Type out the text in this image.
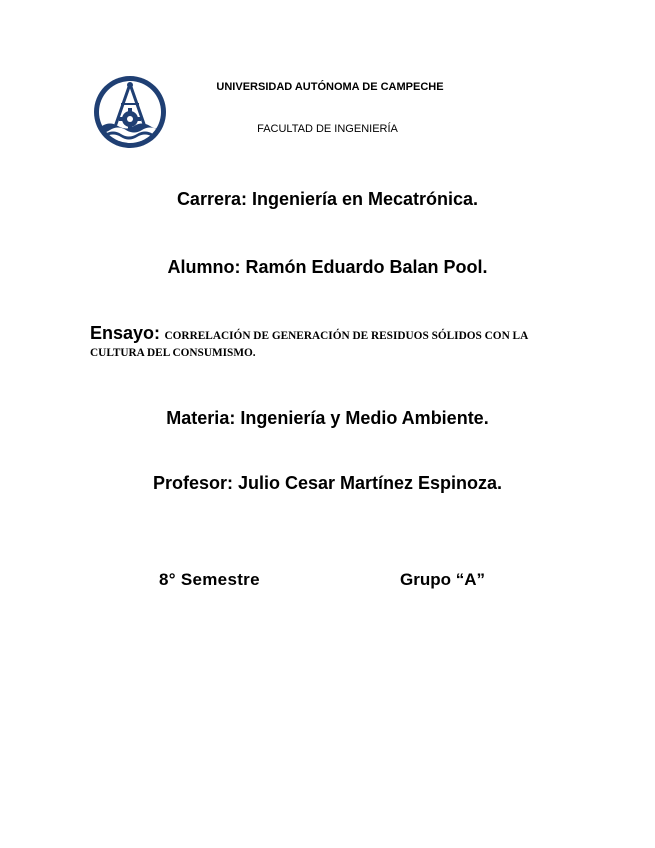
UNIVERSIDAD AUTÓNOMA DE CAMPECHE
FACULTAD DE INGENIERÍA
Carrera: Ingeniería en Mecatrónica.
Alumno: Ramón Eduardo Balan Pool.
Ensayo: CORRELACIÓN DE GENERACIÓN DE RESIDUOS SÓLIDOS CON LA CULTURA DEL CONSUMISMO.
Materia: Ingeniería y Medio Ambiente.
Profesor: Julio Cesar Martínez Espinoza.
8° Semestre	Grupo “A”
